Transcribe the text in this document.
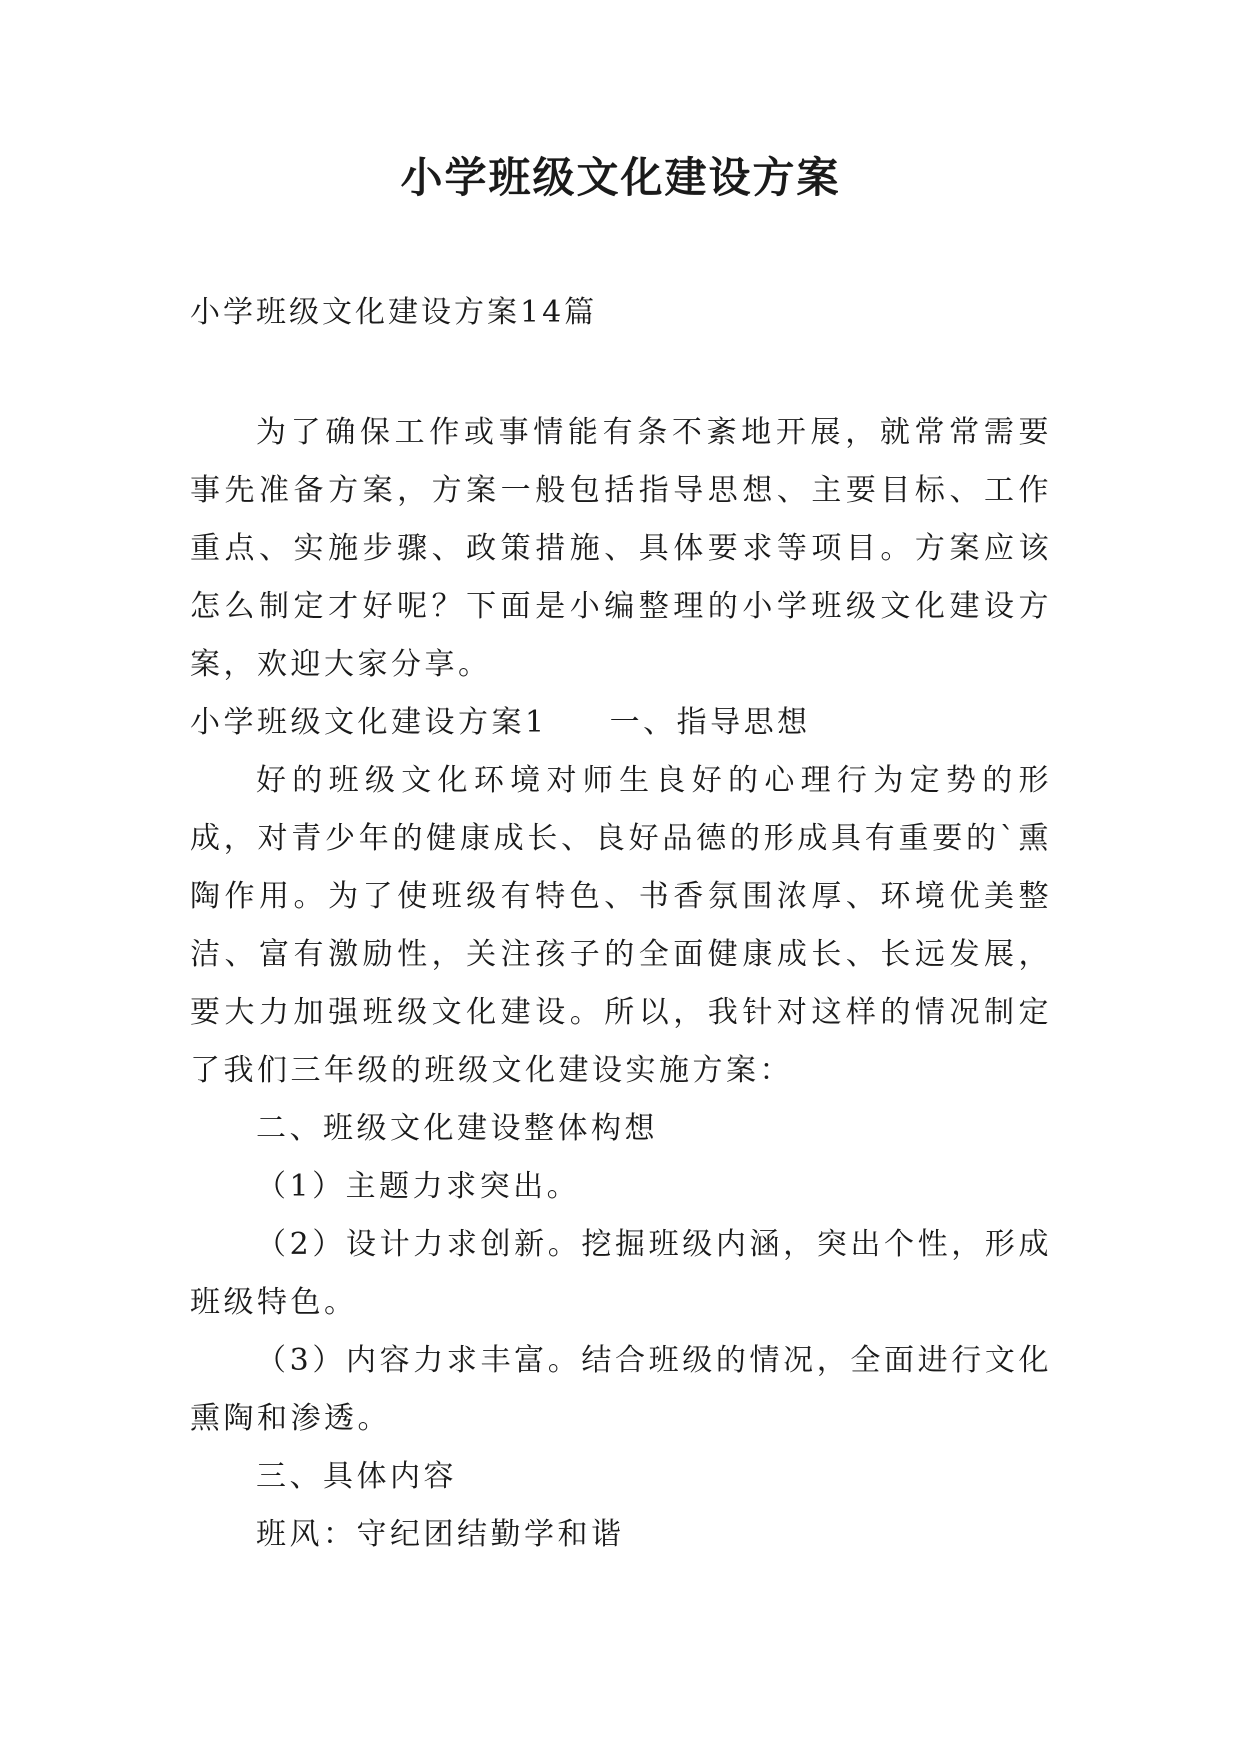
小学班级文化建设方案

小学班级文化建设方案14篇

为了确保工作或事情能有条不紊地开展，就常常需要事先准备方案，方案一般包括指导思想、主要目标、工作重点、实施步骤、政策措施、具体要求等项目。方案应该怎么制定才好呢？下面是小编整理的小学班级文化建设方案，欢迎大家分享。

小学班级文化建设方案1 一、指导思想

好的班级文化环境对师生良好的心理行为定势的形成，对青少年的健康成长、良好品德的形成具有重要的`熏陶作用。为了使班级有特色、书香氛围浓厚、环境优美整洁、富有激励性，关注孩子的全面健康成长、长远发展，要大力加强班级文化建设。所以，我针对这样的情况制定了我们三年级的班级文化建设实施方案：

二、班级文化建设整体构想

（1）主题力求突出。

（2）设计力求创新。挖掘班级内涵，突出个性，形成班级特色。

（3）内容力求丰富。结合班级的情况，全面进行文化熏陶和渗透。

三、具体内容

班风：守纪团结勤学和谐
